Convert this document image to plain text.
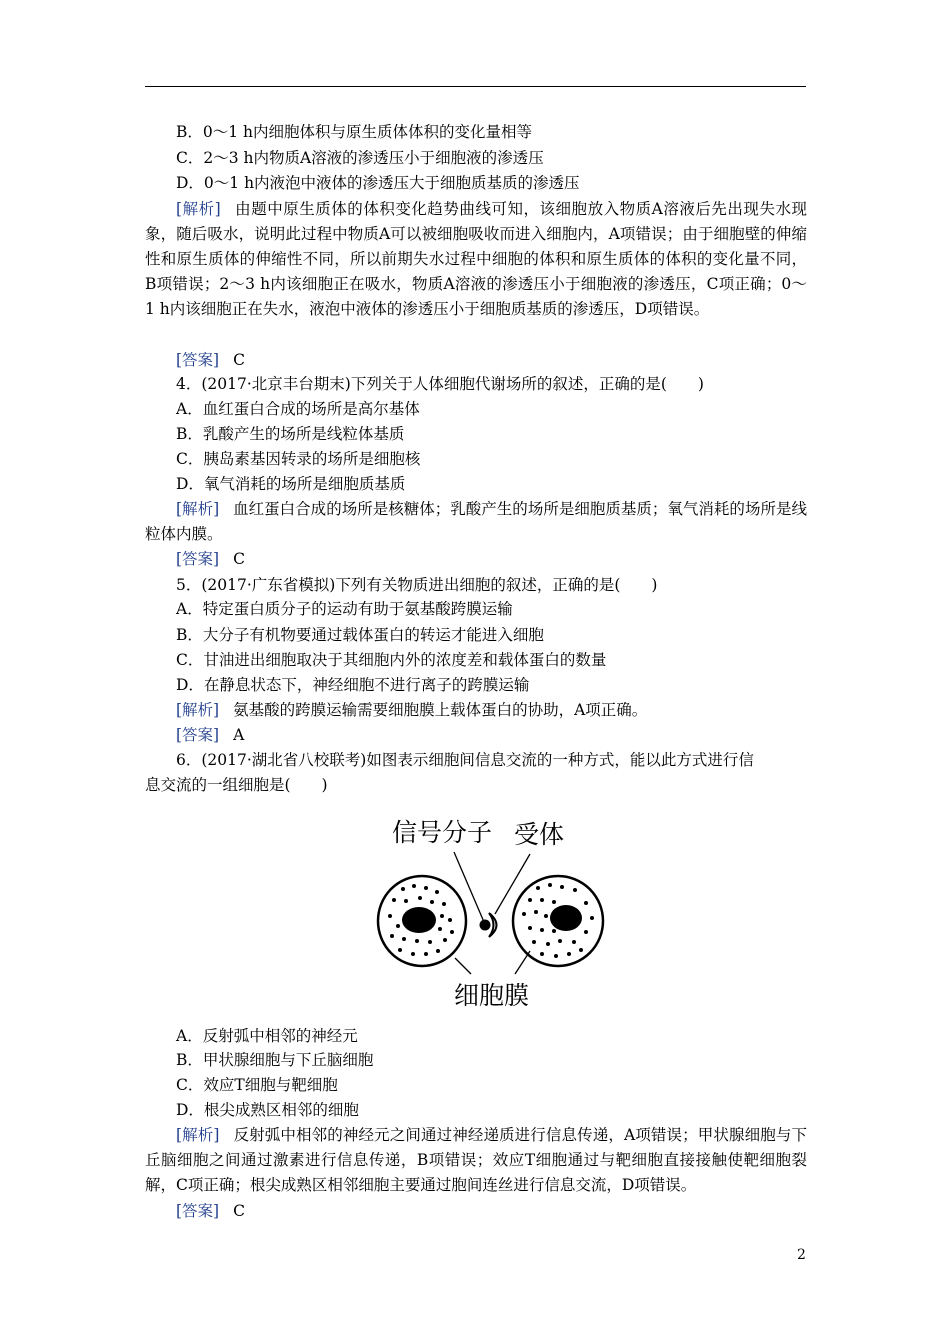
B．0～1 h内细胞体积与原生质体体积的变化量相等
C．2～3 h内物质A溶液的渗透压小于细胞液的渗透压
D．0～1 h内液泡中液体的渗透压大于细胞质基质的渗透压
[解析] 由题中原生质体的体积变化趋势曲线可知，该细胞放入物质A溶液后先出现失水现象，随后吸水，说明此过程中物质A可以被细胞吸收而进入细胞内，A项错误；由于细胞壁的伸缩性和原生质体的伸缩性不同，所以前期失水过程中细胞的体积和原生质体的体积的变化量不同，B项错误；2～3 h内该细胞正在吸水，物质A溶液的渗透压小于细胞液的渗透压，C项正确；0～1 h内该细胞正在失水，液泡中液体的渗透压小于细胞质基质的渗透压，D项错误。
[答案] C
4．(2017·北京丰台期末)下列关于人体细胞代谢场所的叙述，正确的是(　　)
A．血红蛋白合成的场所是高尔基体
B．乳酸产生的场所是线粒体基质
C．胰岛素基因转录的场所是细胞核
D．氧气消耗的场所是细胞质基质
[解析] 血红蛋白合成的场所是核糖体；乳酸产生的场所是细胞质基质；氧气消耗的场所是线粒体内膜。
[答案] C
5．(2017·广东省模拟)下列有关物质进出细胞的叙述，正确的是(　　)
A．特定蛋白质分子的运动有助于氨基酸跨膜运输
B．大分子有机物要通过载体蛋白的转运才能进入细胞
C．甘油进出细胞取决于其细胞内外的浓度差和载体蛋白的数量
D．在静息状态下，神经细胞不进行离子的跨膜运输
[解析] 氨基酸的跨膜运输需要细胞膜上载体蛋白的协助，A项正确。
[答案] A
6．(2017·湖北省八校联考)如图表示细胞间信息交流的一种方式，能以此方式进行信
息交流的一组细胞是(　　)
信号分子 受体
细胞膜
A．反射弧中相邻的神经元
B．甲状腺细胞与下丘脑细胞
C．效应T细胞与靶细胞
D．根尖成熟区相邻的细胞
[解析] 反射弧中相邻的神经元之间通过神经递质进行信息传递，A项错误；甲状腺细胞与下丘脑细胞之间通过激素进行信息传递，B项错误；效应T细胞通过与靶细胞直接接触使靶细胞裂解，C项正确；根尖成熟区相邻细胞主要通过胞间连丝进行信息交流，D项错误。
[答案] C
2
